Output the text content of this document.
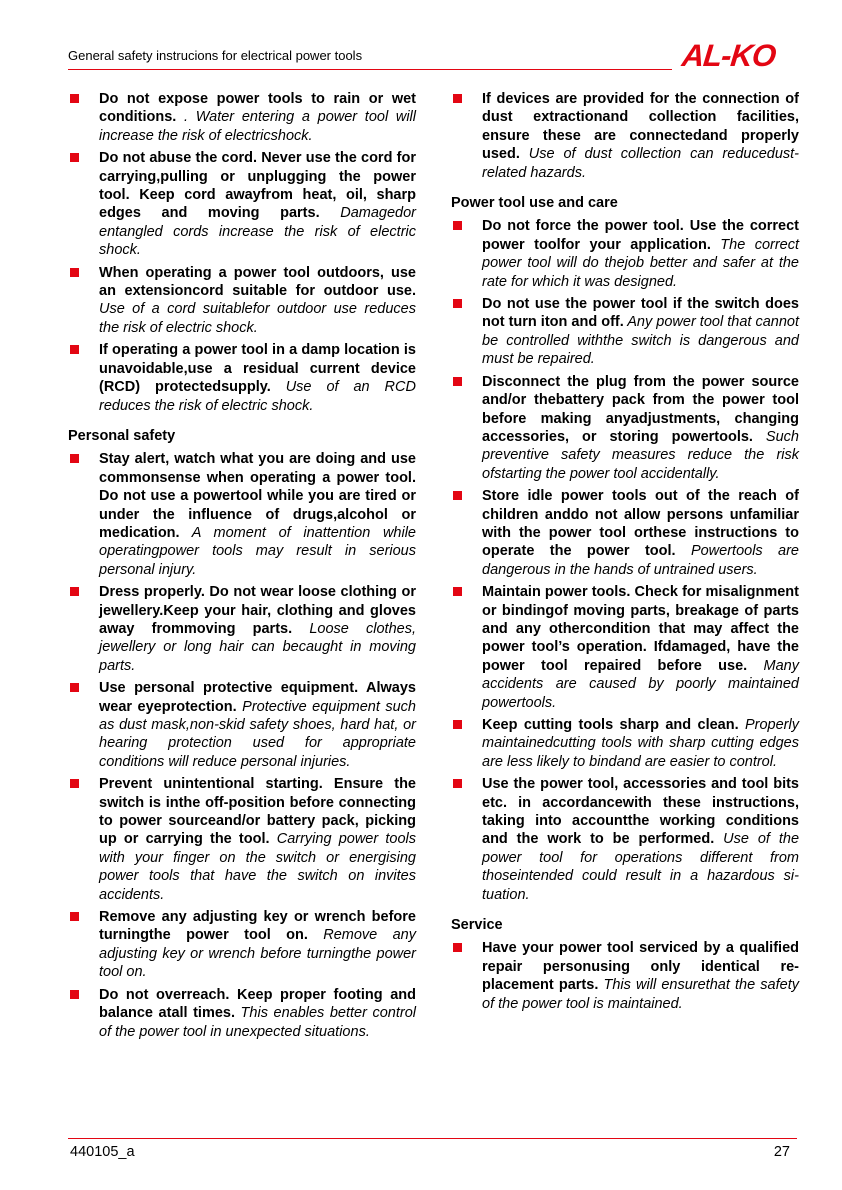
General safety instrucions for electrical power tools	AL-KO
Do not expose power tools to rain or wet conditions. . Water entering a power tool will increase the risk of electricshock.
Do not abuse the cord. Never use the cord for carrying,pulling or unplugging the power tool. Keep cord awayfrom heat, oil, sharp edges and moving parts. Damagedor entangled cords increase the risk of electric shock.
When operating a power tool outdoors, use an extensioncord suitable for outdoor use. Use of a cord suitablefor outdoor use reduces the risk of electric shock.
If operating a power tool in a damp location is unavoidable,use a residual current device (RCD) protectedsupply. Use of an RCD reduces the risk of electric shock.
Personal safety
Stay alert, watch what you are doing and use commonsense when operating a power tool. Do not use a powertool while you are tired or under the influence of drugs,alcohol or medication. A moment of inattention while operatingpower tools may result in serious personal injury.
Dress properly. Do not wear loose clothing or jewellery.Keep your hair, clothing and gloves away frommoving parts. Loose clothes, jewellery or long hair can becaught in moving parts.
Use personal protective equipment. Always wear eyeprotection. Protective equipment such as dust mask,non-skid safety shoes, hard hat, or hearing protection used for appropriate conditions will reduce personal injuries.
Prevent unintentional starting. Ensure the switch is inthe off-position before connecting to power sourceand/or battery pack, picking up or carrying the tool. Carrying power tools with your finger on the switch or energising power tools that have the switch on invites accidents.
Remove any adjusting key or wrench before turningthe power tool on. Remove any adjusting key or wrench before turningthe power tool on.
Do not overreach. Keep proper footing and balance atall times. This enables better control of the power tool in unexpected situations.
If devices are provided for the connection of dust extractionand collection facilities, ensure these are connectedand properly used. Use of dust collection can reducedust-related hazards.
Power tool use and care
Do not force the power tool. Use the correct power toolfor your application. The correct power tool will do thejob better and safer at the rate for which it was designed.
Do not use the power tool if the switch does not turn iton and off. Any power tool that cannot be controlled withthe switch is dangerous and must be repaired.
Disconnect the plug from the power source and/or thebattery pack from the power tool before making anyadjustments, changing accessories, or storing powertools. Such preventive safety measures reduce the risk ofstarting the power tool accidentally.
Store idle power tools out of the reach of children anddo not allow persons unfamiliar with the power tool orthese instructions to operate the power tool. Powertools are dangerous in the hands of untrained users.
Maintain power tools. Check for misalignment or bindingof moving parts, breakage of parts and any othercondition that may affect the power tool’s operation. Ifdamaged, have the power tool repaired before use. Many accidents are caused by poorly maintained powertools.
Keep cutting tools sharp and clean. Properly maintainedcutting tools with sharp cutting edges are less likely to bindand are easier to control.
Use the power tool, accessories and tool bits etc. in accordancewith these instructions, taking into accountthe working conditions and the work to be performed. Use of the power tool for operations different from thoseintended could result in a hazardous situation.
Service
Have your power tool serviced by a qualified repair personusing only identical replacement parts. This will ensurethat the safety of the power tool is maintained.
440105_a	27
